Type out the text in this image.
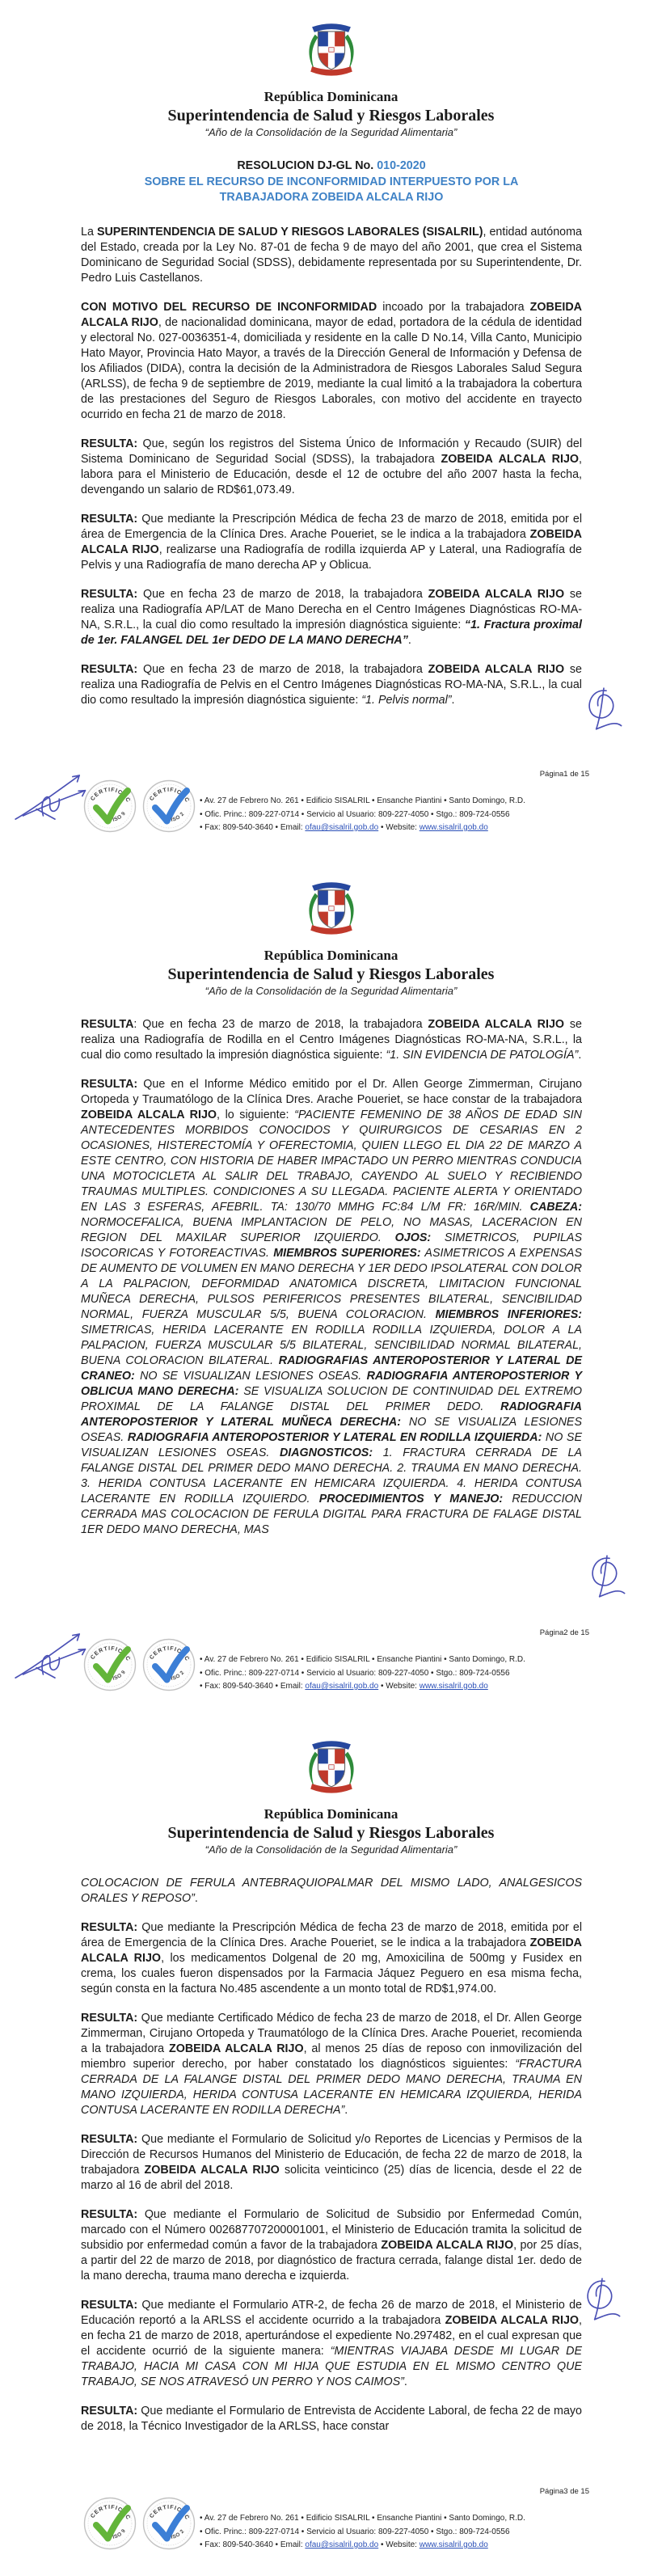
República Dominicana
Superintendencia de Salud y Riesgos Laborales
“Año de la Consolidación de la Seguridad Alimentaria”

RESOLUCION DJ-GL No. 010-2020

SOBRE EL RECURSO DE INCONFORMIDAD INTERPUESTO POR LA
TRABAJADORA ZOBEIDA ALCALA RIJO

La SUPERINTENDENCIA DE SALUD Y RIESGOS LABORALES (SISALRIL), entidad autónoma del Estado, creada por la Ley No. 87-01 de fecha 9 de mayo del año 2001, que crea el Sistema Dominicano de Seguridad Social (SDSS), debidamente representada por su Superintendente, Dr. Pedro Luis Castellanos.

CON MOTIVO DEL RECURSO DE INCONFORMIDAD incoado por la trabajadora ZOBEIDA ALCALA RIJO, de nacionalidad dominicana, mayor de edad, portadora de la cédula de identidad y electoral No. 027-0036351-4, domiciliada y residente en la calle D No.14, Villa Canto, Municipio Hato Mayor, Provincia Hato Mayor, a través de la Dirección General de Información y Defensa de los Afiliados (DIDA), contra la decisión de la Administradora de Riesgos Laborales Salud Segura (ARLSS), de fecha 9 de septiembre de 2019, mediante la cual limitó a la trabajadora la cobertura de las prestaciones del Seguro de Riesgos Laborales, con motivo del accidente en trayecto ocurrido en fecha 21 de marzo de 2018.

RESULTA: Que, según los registros del Sistema Único de Información y Recaudo (SUIR) del Sistema Dominicano de Seguridad Social (SDSS), la trabajadora ZOBEIDA ALCALA RIJO, labora para el Ministerio de Educación, desde el 12 de octubre del año 2007 hasta la fecha, devengando un salario de RD$61,073.49.

RESULTA: Que mediante la Prescripción Médica de fecha 23 de marzo de 2018, emitida por el área de Emergencia de la Clínica Dres. Arache Poueriet, se le indica a la trabajadora ZOBEIDA ALCALA RIJO, realizarse una Radiografía de rodilla izquierda AP y Lateral, una Radiografía de Pelvis y una Radiografía de mano derecha AP y Oblicua.

RESULTA: Que en fecha 23 de marzo de 2018, la trabajadora ZOBEIDA ALCALA RIJO se realiza una Radiografía AP/LAT de Mano Derecha en el Centro Imágenes Diagnósticas RO-MA-NA, S.R.L., la cual dio como resultado la impresión diagnóstica siguiente: “1. Fractura proximal de 1er. FALANGEL DEL 1er DEDO DE LA MANO DERECHA”.

RESULTA: Que en fecha 23 de marzo de 2018, la trabajadora ZOBEIDA ALCALA RIJO se realiza una Radiografía de Pelvis en el Centro Imágenes Diagnósticas RO-MA-NA, S.R.L., la cual dio como resultado la impresión diagnóstica siguiente: “1. Pelvis normal”.

Página1 de 15
• Av. 27 de Febrero No. 261 • Edificio SISALRIL • Ensanche Piantini • Santo Domingo, R.D.
• Ofic. Princ.: 809-227-0714 • Servicio al Usuario: 809-227-4050 • Stgo.: 809-724-0556
• Fax: 809-540-3640 • Email: ofau@sisalril.gob.do • Website: www.sisalril.gob.do
República Dominicana
Superintendencia de Salud y Riesgos Laborales
“Año de la Consolidación de la Seguridad Alimentaria”

RESULTA: Que en fecha 23 de marzo de 2018, la trabajadora ZOBEIDA ALCALA RIJO se realiza una Radiografía de Rodilla en el Centro Imágenes Diagnósticas RO-MA-NA, S.R.L., la cual dio como resultado la impresión diagnóstica siguiente: “1. SIN EVIDENCIA DE PATOLOGÍA”.

RESULTA: Que en el Informe Médico emitido por el Dr. Allen George Zimmerman, Cirujano Ortopeda y Traumatólogo de la Clínica Dres. Arache Poueriet, se hace constar de la trabajadora ZOBEIDA ALCALA RIJO, lo siguiente: “PACIENTE FEMENINO DE 38 AÑOS DE EDAD SIN ANTECEDENTES MORBIDOS CONOCIDOS Y QUIRURGICOS DE CESARIAS EN 2 OCASIONES, HISTERECTOMÍA Y OFERECTOMIA, QUIEN LLEGO EL DIA 22 DE MARZO A ESTE CENTRO, CON HISTORIA DE HABER IMPACTADO UN PERRO MIENTRAS CONDUCIA UNA MOTOCICLETA AL SALIR DEL TRABAJO, CAYENDO AL SUELO Y RECIBIENDO TRAUMAS MULTIPLES. CONDICIONES A SU LLEGADA. PACIENTE ALERTA Y ORIENTADO EN LAS 3 ESFERAS, AFEBRIL. TA: 130/70 MMHG FC:84 L/M FR: 16R/MIN. CABEZA: NORMOCEFALICA, BUENA IMPLANTACION DE PELO, NO MASAS, LACERACION EN REGION DEL MAXILAR SUPERIOR IZQUIERDO. OJOS: SIMETRICOS, PUPILAS ISOCORICAS Y FOTOREACTIVAS. MIEMBROS SUPERIORES: ASIMETRICOS A EXPENSAS DE AUMENTO DE VOLUMEN EN MANO DERECHA Y 1ER DEDO IPSOLATERAL CON DOLOR A LA PALPACION, DEFORMIDAD ANATOMICA DISCRETA, LIMITACION FUNCIONAL MUÑECA DERECHA, PULSOS PERIFERICOS PRESENTES BILATERAL, SENCIBILIDAD NORMAL, FUERZA MUSCULAR 5/5, BUENA COLORACION. MIEMBROS INFERIORES: SIMETRICAS, HERIDA LACERANTE EN RODILLA RODILLA IZQUIERDA, DOLOR A LA PALPACION, FUERZA MUSCULAR 5/5 BILATERAL, SENCIBILIDAD NORMAL BILATERAL, BUENA COLORACION BILATERAL. RADIOGRAFIAS ANTEROPOSTERIOR Y LATERAL DE CRANEO: NO SE VISUALIZAN LESIONES OSEAS. RADIOGRAFIA ANTEROPOSTERIOR Y OBLICUA MANO DERECHA: SE VISUALIZA SOLUCION DE CONTINUIDAD DEL EXTREMO PROXIMAL DE LA FALANGE DISTAL DEL PRIMER DEDO. RADIOGRAFIA ANTEROPOSTERIOR Y LATERAL MUÑECA DERECHA: NO SE VISUALIZA LESIONES OSEAS. RADIOGRAFIA ANTEROPOSTERIOR Y LATERAL EN RODILLA IZQUIERDA: NO SE VISUALIZAN LESIONES OSEAS. DIAGNOSTICOS: 1. FRACTURA CERRADA DE LA FALANGE DISTAL DEL PRIMER DEDO MANO DERECHA. 2. TRAUMA EN MANO DERECHA. 3. HERIDA CONTUSA LACERANTE EN HEMICARA IZQUIERDA. 4. HERIDA CONTUSA LACERANTE EN RODILLA IZQUIERDO. PROCEDIMIENTOS Y MANEJO: REDUCCION CERRADA MAS COLOCACION DE FERULA DIGITAL PARA FRACTURA DE FALAGE DISTAL 1ER DEDO MANO DERECHA, MAS

Página2 de 15
• Av. 27 de Febrero No. 261 • Edificio SISALRIL • Ensanche Piantini • Santo Domingo, R.D.
• Ofic. Princ.: 809-227-0714 • Servicio al Usuario: 809-227-4050 • Stgo.: 809-724-0556
• Fax: 809-540-3640 • Email: ofau@sisalril.gob.do • Website: www.sisalril.gob.do
República Dominicana
Superintendencia de Salud y Riesgos Laborales
“Año de la Consolidación de la Seguridad Alimentaria”

COLOCACION DE FERULA ANTEBRAQUIOPALMAR DEL MISMO LADO, ANALGESICOS ORALES Y REPOSO”.

RESULTA: Que mediante la Prescripción Médica de fecha 23 de marzo de 2018, emitida por el área de Emergencia de la Clínica Dres. Arache Poueriet, se le indica a la trabajadora ZOBEIDA ALCALA RIJO, los medicamentos Dolgenal de 20 mg, Amoxicilina de 500mg y Fusidex en crema, los cuales fueron dispensados por la Farmacia Jáquez Peguero en esa misma fecha, según consta en la factura No.485 ascendente a un monto total de RD$1,974.00.

RESULTA: Que mediante Certificado Médico de fecha 23 de marzo de 2018, el Dr. Allen George Zimmerman, Cirujano Ortopeda y Traumatólogo de la Clínica Dres. Arache Poueriet, recomienda a la trabajadora ZOBEIDA ALCALA RIJO, al menos 25 días de reposo con inmovilización del miembro superior derecho, por haber constatado los diagnósticos siguientes: “FRACTURA CERRADA DE LA FALANGE DISTAL DEL PRIMER DEDO MANO DERECHA, TRAUMA EN MANO IZQUIERDA, HERIDA CONTUSA LACERANTE EN HEMICARA IZQUIERDA, HERIDA CONTUSA LACERANTE EN RODILLA DERECHA”.

RESULTA: Que mediante el Formulario de Solicitud y/o Reportes de Licencias y Permisos de la Dirección de Recursos Humanos del Ministerio de Educación, de fecha 22 de marzo de 2018, la trabajadora ZOBEIDA ALCALA RIJO solicita veinticinco (25) días de licencia, desde el 22 de marzo al 16 de abril del 2018.

RESULTA: Que mediante el Formulario de Solicitud de Subsidio por Enfermedad Común, marcado con el Número 002687707200001001, el Ministerio de Educación tramita la solicitud de subsidio por enfermedad común a favor de la trabajadora ZOBEIDA ALCALA RIJO, por 25 días, a partir del 22 de marzo de 2018, por diagnóstico de fractura cerrada, falange distal 1er. dedo de la mano derecha, trauma mano derecha e izquierda.

RESULTA: Que mediante el Formulario ATR-2, de fecha 26 de marzo de 2018, el Ministerio de Educación reportó a la ARLSS el accidente ocurrido a la trabajadora ZOBEIDA ALCALA RIJO, en fecha 21 de marzo de 2018, aperturándose el expediente No.297482, en el cual expresan que el accidente ocurrió de la siguiente manera: “MIENTRAS VIAJABA DESDE MI LUGAR DE TRABAJO, HACIA MI CASA CON MI HIJA QUE ESTUDIA EN EL MISMO CENTRO QUE TRABAJO, SE NOS ATRAVESÓ UN PERRO Y NOS CAIMOS”.

RESULTA: Que mediante el Formulario de Entrevista de Accidente Laboral, de fecha 22 de mayo de 2018, la Técnico Investigador de la ARLSS, hace constar

Página3 de 15
• Av. 27 de Febrero No. 261 • Edificio SISALRIL • Ensanche Piantini • Santo Domingo, R.D.
• Ofic. Princ.: 809-227-0714 • Servicio al Usuario: 809-227-4050 • Stgo.: 809-724-0556
• Fax: 809-540-3640 • Email: ofau@sisalril.gob.do • Website: www.sisalril.gob.do
